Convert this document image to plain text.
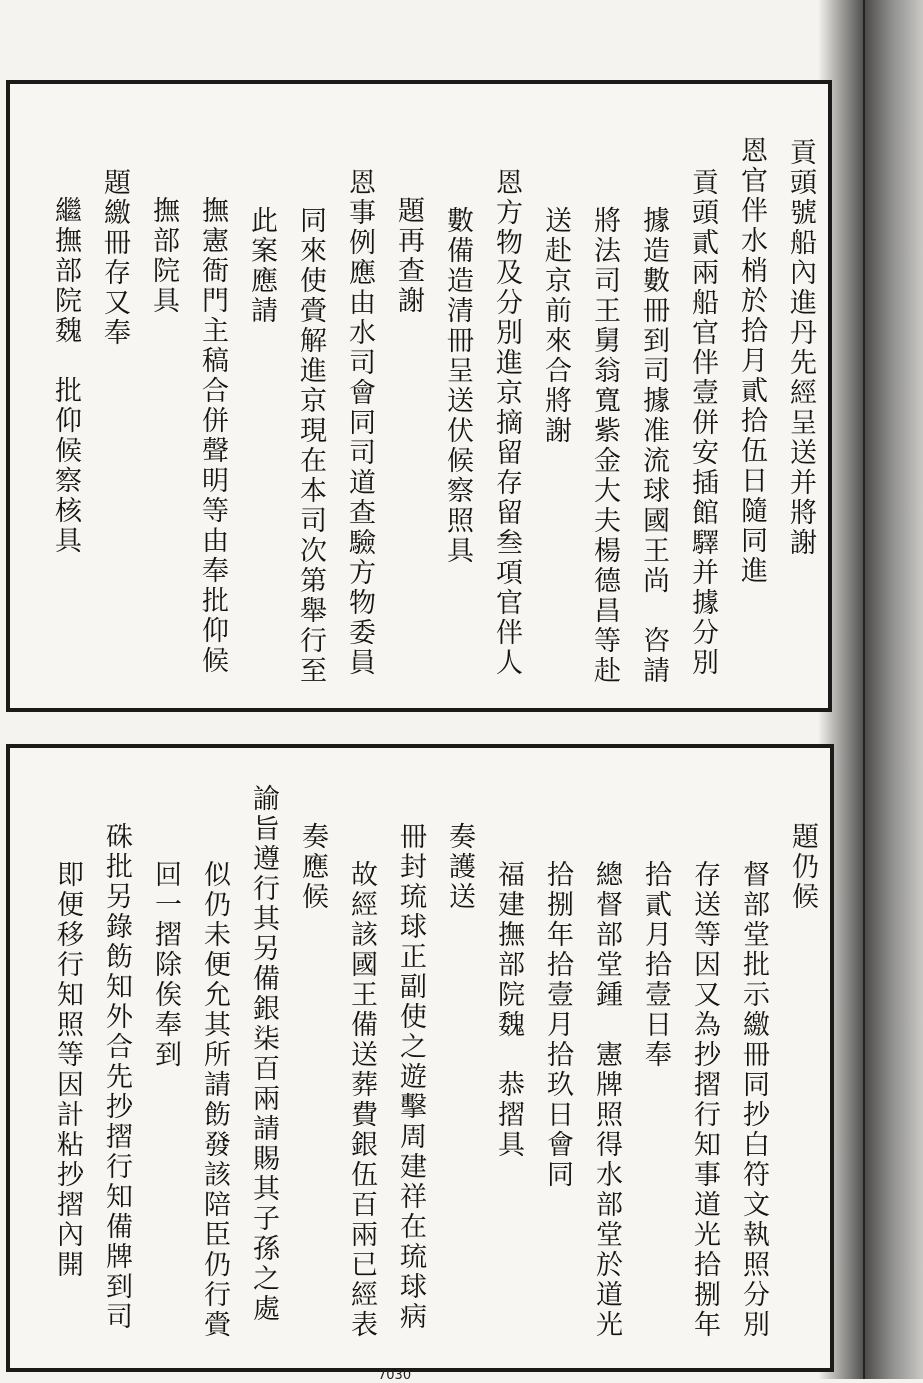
貢頭號船內進丹先經呈送并將謝
恩官伴水梢於拾月貳拾伍日隨同進
貢頭貳兩船官伴壹併安插館驛并據分別
據造數冊到司據准流球國王尚　咨請
將法司王舅翁寬紫金大夫楊德昌等赴
送赴京前來合將謝
恩方物及分別進京摘留存留叁項官伴人
數備造清冊呈送伏候察照具
題再查謝
恩事例應由水司會同司道查驗方物委員
同來使賫解進京現在本司次第舉行至
此案應請
撫憲衙門主稿合併聲明等由奉批仰候
撫部院具
題繳冊存又奉
繼撫部院魏　批仰候察核具
題仍候
督部堂批示繳冊同抄白符文執照分別
存送等因又為抄摺行知事道光拾捌年
拾貳月拾壹日奉
總督部堂鍾　憲牌照得水部堂於道光
拾捌年拾壹月拾玖日會同
福建撫部院魏　恭摺具
奏護送
冊封琉球正副使之遊擊周建祥在琉球病
故經該國王備送葬費銀伍百兩已經表
奏應候
諭旨遵行其另備銀柒百兩請賜其子孫之處
似仍未便允其所請飭發該陪臣仍行賫
回一摺除俟奉到
硃批另錄飭知外合先抄摺行知備牌到司
即便移行知照等因計粘抄摺內開
7030
